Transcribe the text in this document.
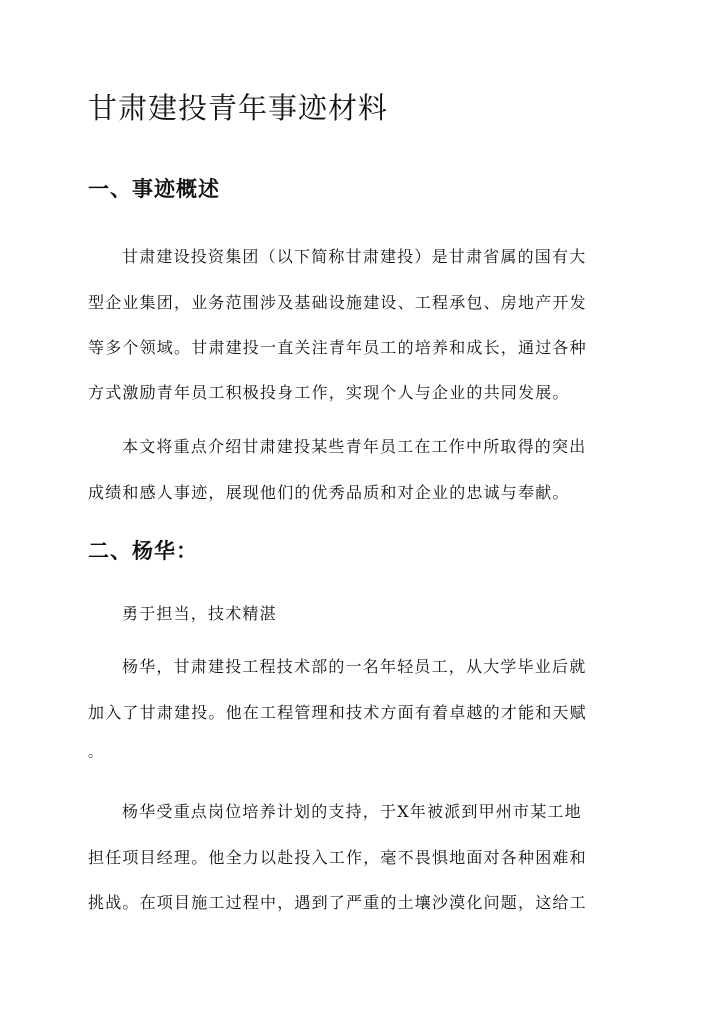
甘肃建投青年事迹材料
一、事迹概述

甘肃建设投资集团（以下简称甘肃建投）是甘肃省属的国有大

型企业集团，业务范围涉及基础设施建设、工程承包、房地产开发

等多个领域。甘肃建投一直关注青年员工的培养和成长，通过各种

方式激励青年员工积极投身工作，实现个人与企业的共同发展。

本文将重点介绍甘肃建投某些青年员工在工作中所取得的突出

成绩和感人事迹，展现他们的优秀品质和对企业的忠诚与奉献。

二、杨华：

勇于担当，技术精湛

杨华，甘肃建投工程技术部的一名年轻员工，从大学毕业后就

加入了甘肃建投。他在工程管理和技术方面有着卓越的才能和天赋

。

杨华受重点岗位培养计划的支持，于X年被派到甲州市某工地

担任项目经理。他全力以赴投入工作，毫不畏惧地面对各种困难和

挑战。在项目施工过程中，遇到了严重的土壤沙漠化问题，这给工
